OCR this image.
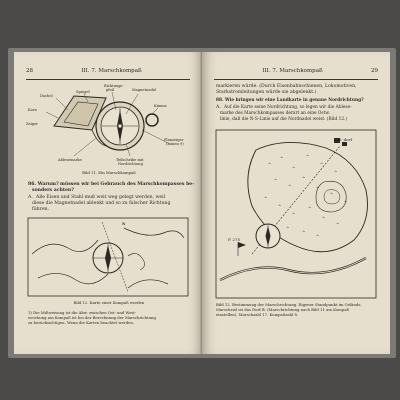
28	III. 7. Marschkompaß
Dachel
Spiegel
Richtungs-
pfeil	Magnetnadel
Korn
Kimme
Zeiger
Planzeiger
(Linien 9)
Ablesemarke	Teilscheibe mit
Nordrichtung
Bild 11. Ein Marschkompaß
86. Warum? müssen wir bei Gebrauch des Marschkompasses be-
sonders achten?
A. Alle Eisen und Stahl muß weit weg gelegt werden, weil
diese die Magnetnadel ablenkt und so zu falscher Richtung
führen.
N
Bild 12. Karte einer Kompaß worden
1) Die Mißweisung ist die Abw. zwischen Ost- und West-
weichung am Kompaß ist bei der Berechnung der Marschrichtung
zu berücksichtigen. Wenn die Karten beachtet werden.
III. 7. Marschkompaß	29
markieren würde. (Durch Eisenbahnschienen, Lokomotiven,
Starkstromleitungen würde sie abgelenkt.)
88. Wie bringen wir eine Landkarte in genaue Nordrichtung?
A. Auf die Karte seine Nordrichtung, so legen wir die Ablese-
marke des Marschkompasses derart an eine Ostw.
linie, daß die N-S-Linie auf die Nordnadel weist. (Bild 12.)
^
^
^
^
^
^
^
^
^
^
^
^
^
^
^
^
^
^
^
^
^
B.-dorf
P. 275
Bild 12. Bestimmung der Marschrichtung. Eigener Standpunkt im Gelände,
Marschziel ist das Dorf B. (Marschrichtung nach Bild 11 am Kompaß
einstellen). Marschzahl 17. Kompaßzahl 8.
